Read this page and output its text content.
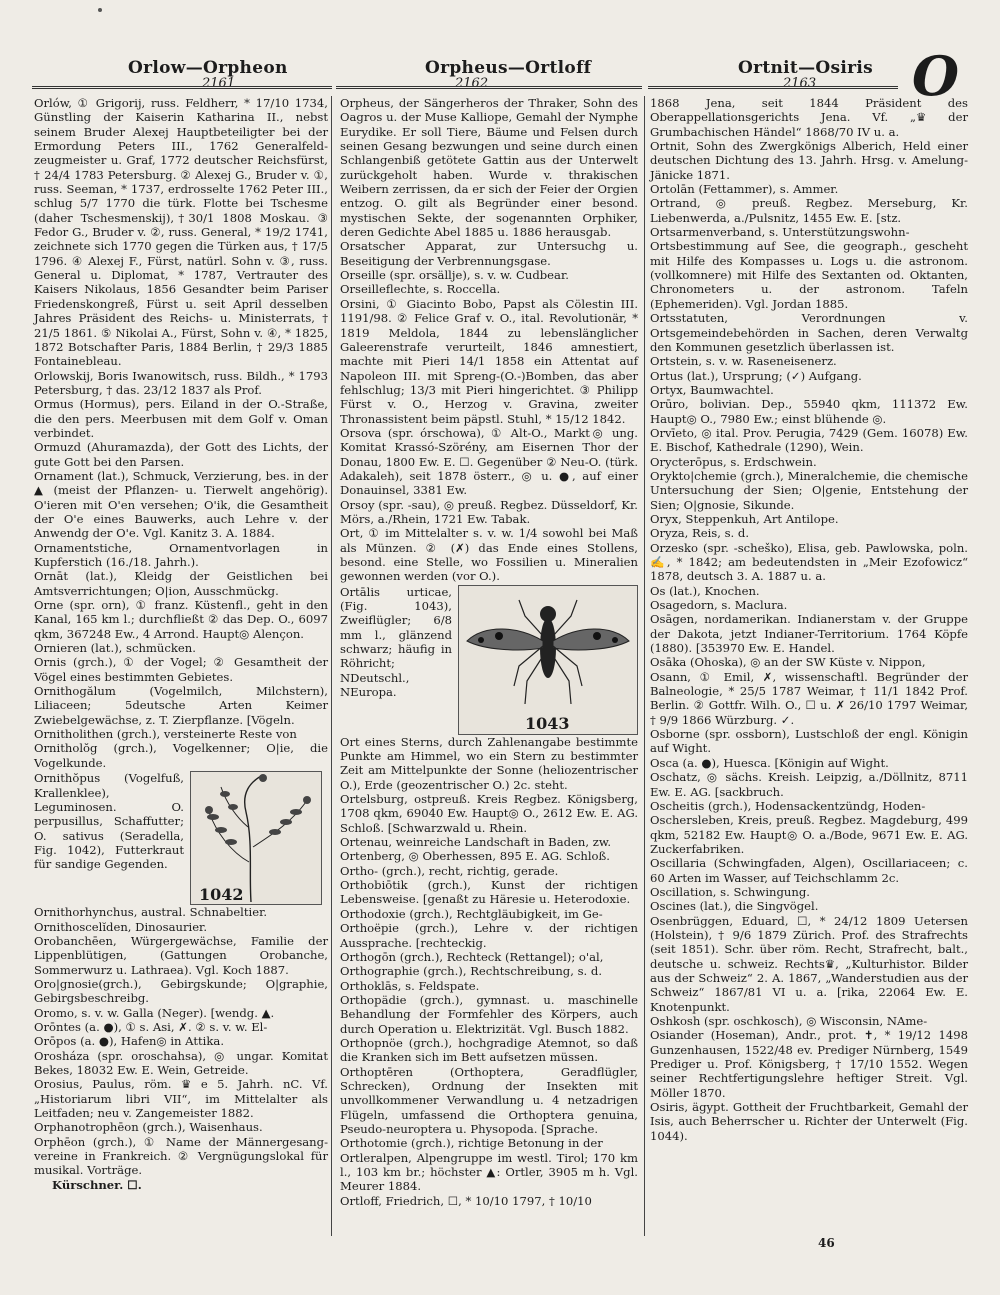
Orlow—Orpheon	Orpheus—Ortloff	Ortnit—Osiris O
2161	2162	2163

Orlów, ① Grigorij, russ. Feldherr, * 17/10 1734, Günstling der Kaiserin Katharina II., nebst seinem Bruder Alexej Hauptbeteiligter bei der Ermordung Peters III., 1762 Generalfeld-zeugmeister u. Graf, 1772 deutscher Reichsfürst, † 24/4 1783 Petersburg. ② Alexej G., Bruder v. ①, russ. Seeman, * 1737, erdrosselte 1762 Peter III., schlug 5/7 1770 die türk. Flotte bei Tschesme (daher Tschesmenskij),†30/1 1808 Moskau. ③ Fedor G., Bruder v. ②, russ. General, * 19/2 1741, zeichnete sich 1770 gegen die Türken aus, † 17/5 1796. ④ Alexej F., Fürst, natürl. Sohn v. ③, russ. General u. Diplomat, * 1787, Vertrauter des Kaisers Nikolaus, 1856 Gesandter beim Pariser Friedenskongreß, Fürst u. seit April desselben Jahres Präsident des Reichs- u. Ministerrats, † 21/5 1861. ⑤ Nikolai A., Fürst, Sohn v. ④, * 1825, 1872 Botschafter Paris, 1884 Berlin, † 29/3 1885 Fontainebleau.

Orlowskij, Boris Iwanowitsch, russ. Bildh., * 1793 Petersburg, † das. 23/12 1837 als Prof.

Ormus (Hormus), pers. Eiland in der O.-Straße, die den pers. Meerbusen mit dem Golf v. Oman verbindet.

Ormuzd (Ahuramazda), der Gott des Lichts, der gute Gott bei den Parsen.

Ornament (lat.), Schmuck, Verzierung, bes. in der ▲ (meist der Pflanzen- u. Tierwelt angehörig). O'ieren mit O'en versehen; O'ik, die Gesamtheit der O'e eines Bauwerks, auch Lehre v. der Anwendg der O'e. Vgl. Kanitz 3. A. 1884.

Ornamentstiche, Ornamentvorlagen in Kupferstich (16./18. Jahrh.).

Ornāt (lat.), Kleidg der Geistlichen bei Amtsverrichtungen; O|ion, Ausschmückg.

Orne (spr. orn), ① franz. Küstenfl., geht in den Kanal, 165 km l.; durchfließt ② das Dep. O., 6097 qkm, 367248 Ew., 4 Arrond. Haupt◎ Alençon.

Ornieren (lat.), schmücken.

Ornis (grch.), ① der Vogel; ② Gesamtheit der Vögel eines bestimmten Gebietes.

Ornithogălum (Vogelmilch, Milchstern), Liliaceen; 5deutsche Arten Keimer Zwiebelgewächse, z. T. Zierpflanze. [Vögeln.

Ornitholithen (grch.), versteinerte Reste von

Ornitholŏg (grch.), Vogelkenner; O|ie, die Vogelkunde.

Ornithŏpus (Vogelfuß, Krallenklee), Leguminosen. O. perpusillus, Schaffutter; O. sativus (Seradella, Fig. 1042), Futterkraut für sandige Gegenden.

1042

Ornithorhynchus, austral. Schnabeltier.

Ornithoscelĭden, Dinosaurier.

Orobanchēen, Würgergewächse, Familie der Lippenblütigen, (Gattungen Orobanche, Sommerwurz u. Lathraea). Vgl. Koch 1887.

Oro|gnosie(grch.), Gebirgskunde; O|graphie, Gebirgsbeschreibg.

Oromo, s. v. w. Galla (Neger). [wendg. ▲.

Orōntes (a. ●), ① s. Asi, ✗. ② s. v. w. El-

Orōpos (a. ●), Hafen◎ in Attika.

Orosháza (spr. oroschahsa), ◎ ungar. Komitat Bekes, 18032 Ew. E. Wein, Getreide.

Orosius, Paulus, röm. ♛ e 5. Jahrh. nC. Vf. „Historiarum libri VII“, im Mittelalter als Leitfaden; neu v. Zangemeister 1882.

Orphanotrophēon (grch.), Waisenhaus.

Orphēon (grch.), ① Name der Männergesang-vereine in Frankreich. ② Vergnügungslokal für musikal. Vorträge.

Kürschner. ☐.

Orpheus, der Sängerheros der Thraker, Sohn des Oagros u. der Muse Kalliope, Gemahl der Nymphe Eurydike. Er soll Tiere, Bäume und Felsen durch seinen Gesang bezwungen und seine durch einen Schlangenbiß getötete Gattin aus der Unterwelt zurückgeholt haben. Wurde v. thrakischen Weibern zerrissen, da er sich der Feier der Orgien entzog. O. gilt als Begründer einer besond. mystischen Sekte, der sogenannten Orphiker, deren Gedichte Abel 1885 u. 1886 herausgab.

Orsatscher Apparat, zur Untersuchg u. Beseitigung der Verbrennungsgase.

Orseille (spr. orsällje), s. v. w. Cudbear.

Orseilleflechte, s. Roccella.

Orsini, ① Giacinto Bobo, Papst als Cölestin III. 1191/98. ② Felice Graf v. O., ital. Revolutionär, * 1819 Meldola, 1844 zu lebenslänglicher Galeerenstrafe verurteilt, 1846 amnestiert, machte mit Pieri 14/1 1858 ein Attentat auf Napoleon III. mit Spreng-(O.-)Bomben, das aber fehlschlug; 13/3 mit Pieri hingerichtet. ③ Philipp Fürst v. O., Herzog v. Gravina, zweiter Thronassistent beim päpstl. Stuhl, * 15/12 1842.

Orsova (spr. órschowa), ① Alt-O., Markt◎ ung. Komitat Krassó-Szörény, am Eisernen Thor der Donau, 1800 Ew. E. ☐. Gegenüber ② Neu-O. (türk. Adakaleh), seit 1878 österr., ◎ u. ●, auf einer Donauinsel, 3381 Ew.

Orsoy (spr. -sau), ◎ preuß. Regbez. Düsseldorf, Kr. Mörs, a./Rhein, 1721 Ew. Tabak.

Ort, ① im Mittelalter s. v. w. 1/4 sowohl bei Maß als Münzen. ② (✗) das Ende eines Stollens, besond. eine Stelle, wo Fossilien u. Mineralien gewonnen werden (vor O.).

Ortālis urticae, (Fig. 1043), Zweiflügler; 6/8 mm l., glänzend schwarz; häufig in Röhricht; NDeutschl., NEuropa.

1043

Ort eines Sterns, durch Zahlenangabe bestimmte Punkte am Himmel, wo ein Stern zu bestimmter Zeit am Mittelpunkte der Sonne (heliozentrischer O.), Erde (geozentrischer O.) 2c. steht.

Ortelsburg, ostpreuß. Kreis Regbez. Königsberg, 1708 qkm, 69040 Ew. Haupt◎ O., 2612 Ew. E. AG. Schloß. [Schwarzwald u. Rhein.

Ortenau, weinreiche Landschaft in Baden, zw.

Ortenberg, ◎ Oberhessen, 895 E. AG. Schloß.

Ortho- (grch.), recht, richtig, gerade.

Orthobiōtik (grch.), Kunst der richtigen Lebensweise. [genaßt zu Häresie u. Heterodoxie.

Orthodoxie (grch.), Rechtgläubigkeit, im Ge-

Orthoëpie (grch.), Lehre v. der richtigen Aussprache. [rechteckig.

Orthogōn (grch.), Rechteck (Rettangel); o'al,

Orthographie (grch.), Rechtschreibung, s. d.

Orthoklās, s. Feldspate.

Orthopädie (grch.), gymnast. u. maschinelle Behandlung der Formfehler des Körpers, auch durch Operation u. Elektrizität. Vgl. Busch 1882.

Orthopnöe (grch.), hochgradige Atemnot, so daß die Kranken sich im Bett aufsetzen müssen.

Orthoptēren (Orthoptera, Geradflügler, Schrecken), Ordnung der Insekten mit unvollkommener Verwandlung u. 4 netzadrigen Flügeln, umfassend die Orthoptera genuina, Pseudo-neuroptera u. Physopoda. [Sprache.

Orthotomie (grch.), richtige Betonung in der

Ortleralpen, Alpengruppe im westl. Tirol; 170 km l., 103 km br.; höchster ▲: Ortler, 3905 m h. Vgl. Meurer 1884.

Ortloff, Friedrich, ☐, * 10/10 1797, † 10/10

1868 Jena, seit 1844 Präsident des Oberappellationsgerichts Jena. Vf. „♛ der Grumbachischen Händel“ 1868/70 IV u. a.

Ortnit, Sohn des Zwergkönigs Alberich, Held einer deutschen Dichtung des 13. Jahrh. Hrsg. v. Amelung-Jänicke 1871.

Ortolān (Fettammer), s. Ammer.

Ortrand, ◎ preuß. Regbez. Merseburg, Kr. Liebenwerda, a./Pulsnitz, 1455 Ew. E. [stz.

Ortsarmenverband, s. Unterstützungswohn-

Ortsbestimmung auf See, die geograph., gescheht mit Hilfe des Kompasses u. Logs u. die astronom. (vollkomnere) mit Hilfe des Sextanten od. Oktanten, Chronometers u. der astronom. Tafeln (Ephemeriden). Vgl. Jordan 1885.

Ortsstatuten, Verordnungen v. Ortsgemeindebehörden in Sachen, deren Verwaltg den Kommunen gesetzlich überlassen ist.

Ortstein, s. v. w. Raseneisenerz.

Ortus (lat.), Ursprung; (✓) Aufgang.

Ortyx, Baumwachtel.

Orūro, bolivian. Dep., 55940 qkm, 111372 Ew. Haupt◎ O., 7980 Ew.; einst blühende ◎.

Orvīeto, ◎ ital. Prov. Perugia, 7429 (Gem. 16078) Ew. E. Bischof, Kathedrale (1290), Wein.

Orycterōpus, s. Erdschwein.

Orykto|chemie (grch.), Mineralchemie, die chemische Untersuchung der Sien; O|genie, Entstehung der Sien; O|gnosie, Sikunde.

Oryx, Steppenkuh, Art Antilope.

Oryza, Reis, s. d.

Orzesko (spr. -scheško), Elisa, geb. Pawlowska, poln. ✍, * 1842; am bedeutendsten in „Meir Ezofowicz“ 1878, deutsch 3. A. 1887 u. a.

Os (lat.), Knochen.

Osagedorn, s. Maclura.

Osāgen, nordamerikan. Indianerstam v. der Gruppe der Dakota, jetzt Indianer-Territorium. 1764 Köpfe (1880). [353970 Ew. E. Handel.

Osāka (Ohoska), ◎ an der SW Küste v. Nippon,

Osann, ① Emil, ✗, wissenschaftl. Begründer der Balneologie, * 25/5 1787 Weimar, † 11/1 1842 Prof. Berlin. ② Gottfr. Wilh. O., ☐ u. ✗ 26/10 1797 Weimar, † 9/9 1866 Würzburg. ✓.

Osborne (spr. ossborn), Lustschloß der engl. Königin auf Wight.

Osca (a. ●), Huesca. [Königin auf Wight.

Oschatz, ◎ sächs. Kreish. Leipzig, a./Döllnitz, 8711 Ew. E. AG. [sackbruch.

Oscheitis (grch.), Hodensackentzündg, Hoden-

Oschersleben, Kreis, preuß. Regbez. Magdeburg, 499 qkm, 52182 Ew. Haupt◎ O. a./Bode, 9671 Ew. E. AG. Zuckerfabriken.

Oscillaria (Schwingfaden, Algen), Oscillariaceen; c. 60 Arten im Wasser, auf Teichschlamm 2c.

Oscillation, s. Schwingung.

Oscines (lat.), die Singvögel.

Osenbrüggen, Eduard, ☐, * 24/12 1809 Uetersen (Holstein), † 9/6 1879 Zürich. Prof. des Strafrechts (seit 1851). Schr. über röm. Recht, Strafrecht, balt., deutsche u. schweiz. Rechts♛, „Kulturhistor. Bilder aus der Schweiz“ 2. A. 1867, „Wanderstudien aus der Schweiz“ 1867/81 VI u. a. [rika, 22064 Ew. E. Knotenpunkt.

Oshkosh (spr. oschkosch), ◎ Wisconsin, NAme-

Osiander (Hoseman), Andr., prot. ✝, * 19/12 1498 Gunzenhausen, 1522/48 ev. Prediger Nürnberg, 1549 Prediger u. Prof. Königsberg, † 17/10 1552. Wegen seiner Rechtfertigungslehre heftiger Streit. Vgl. Möller 1870.

Osiris, ägypt. Gottheit der Fruchtbarkeit, Gemahl der Isis, auch Beherrscher u. Richter der Unterwelt (Fig. 1044).

46
